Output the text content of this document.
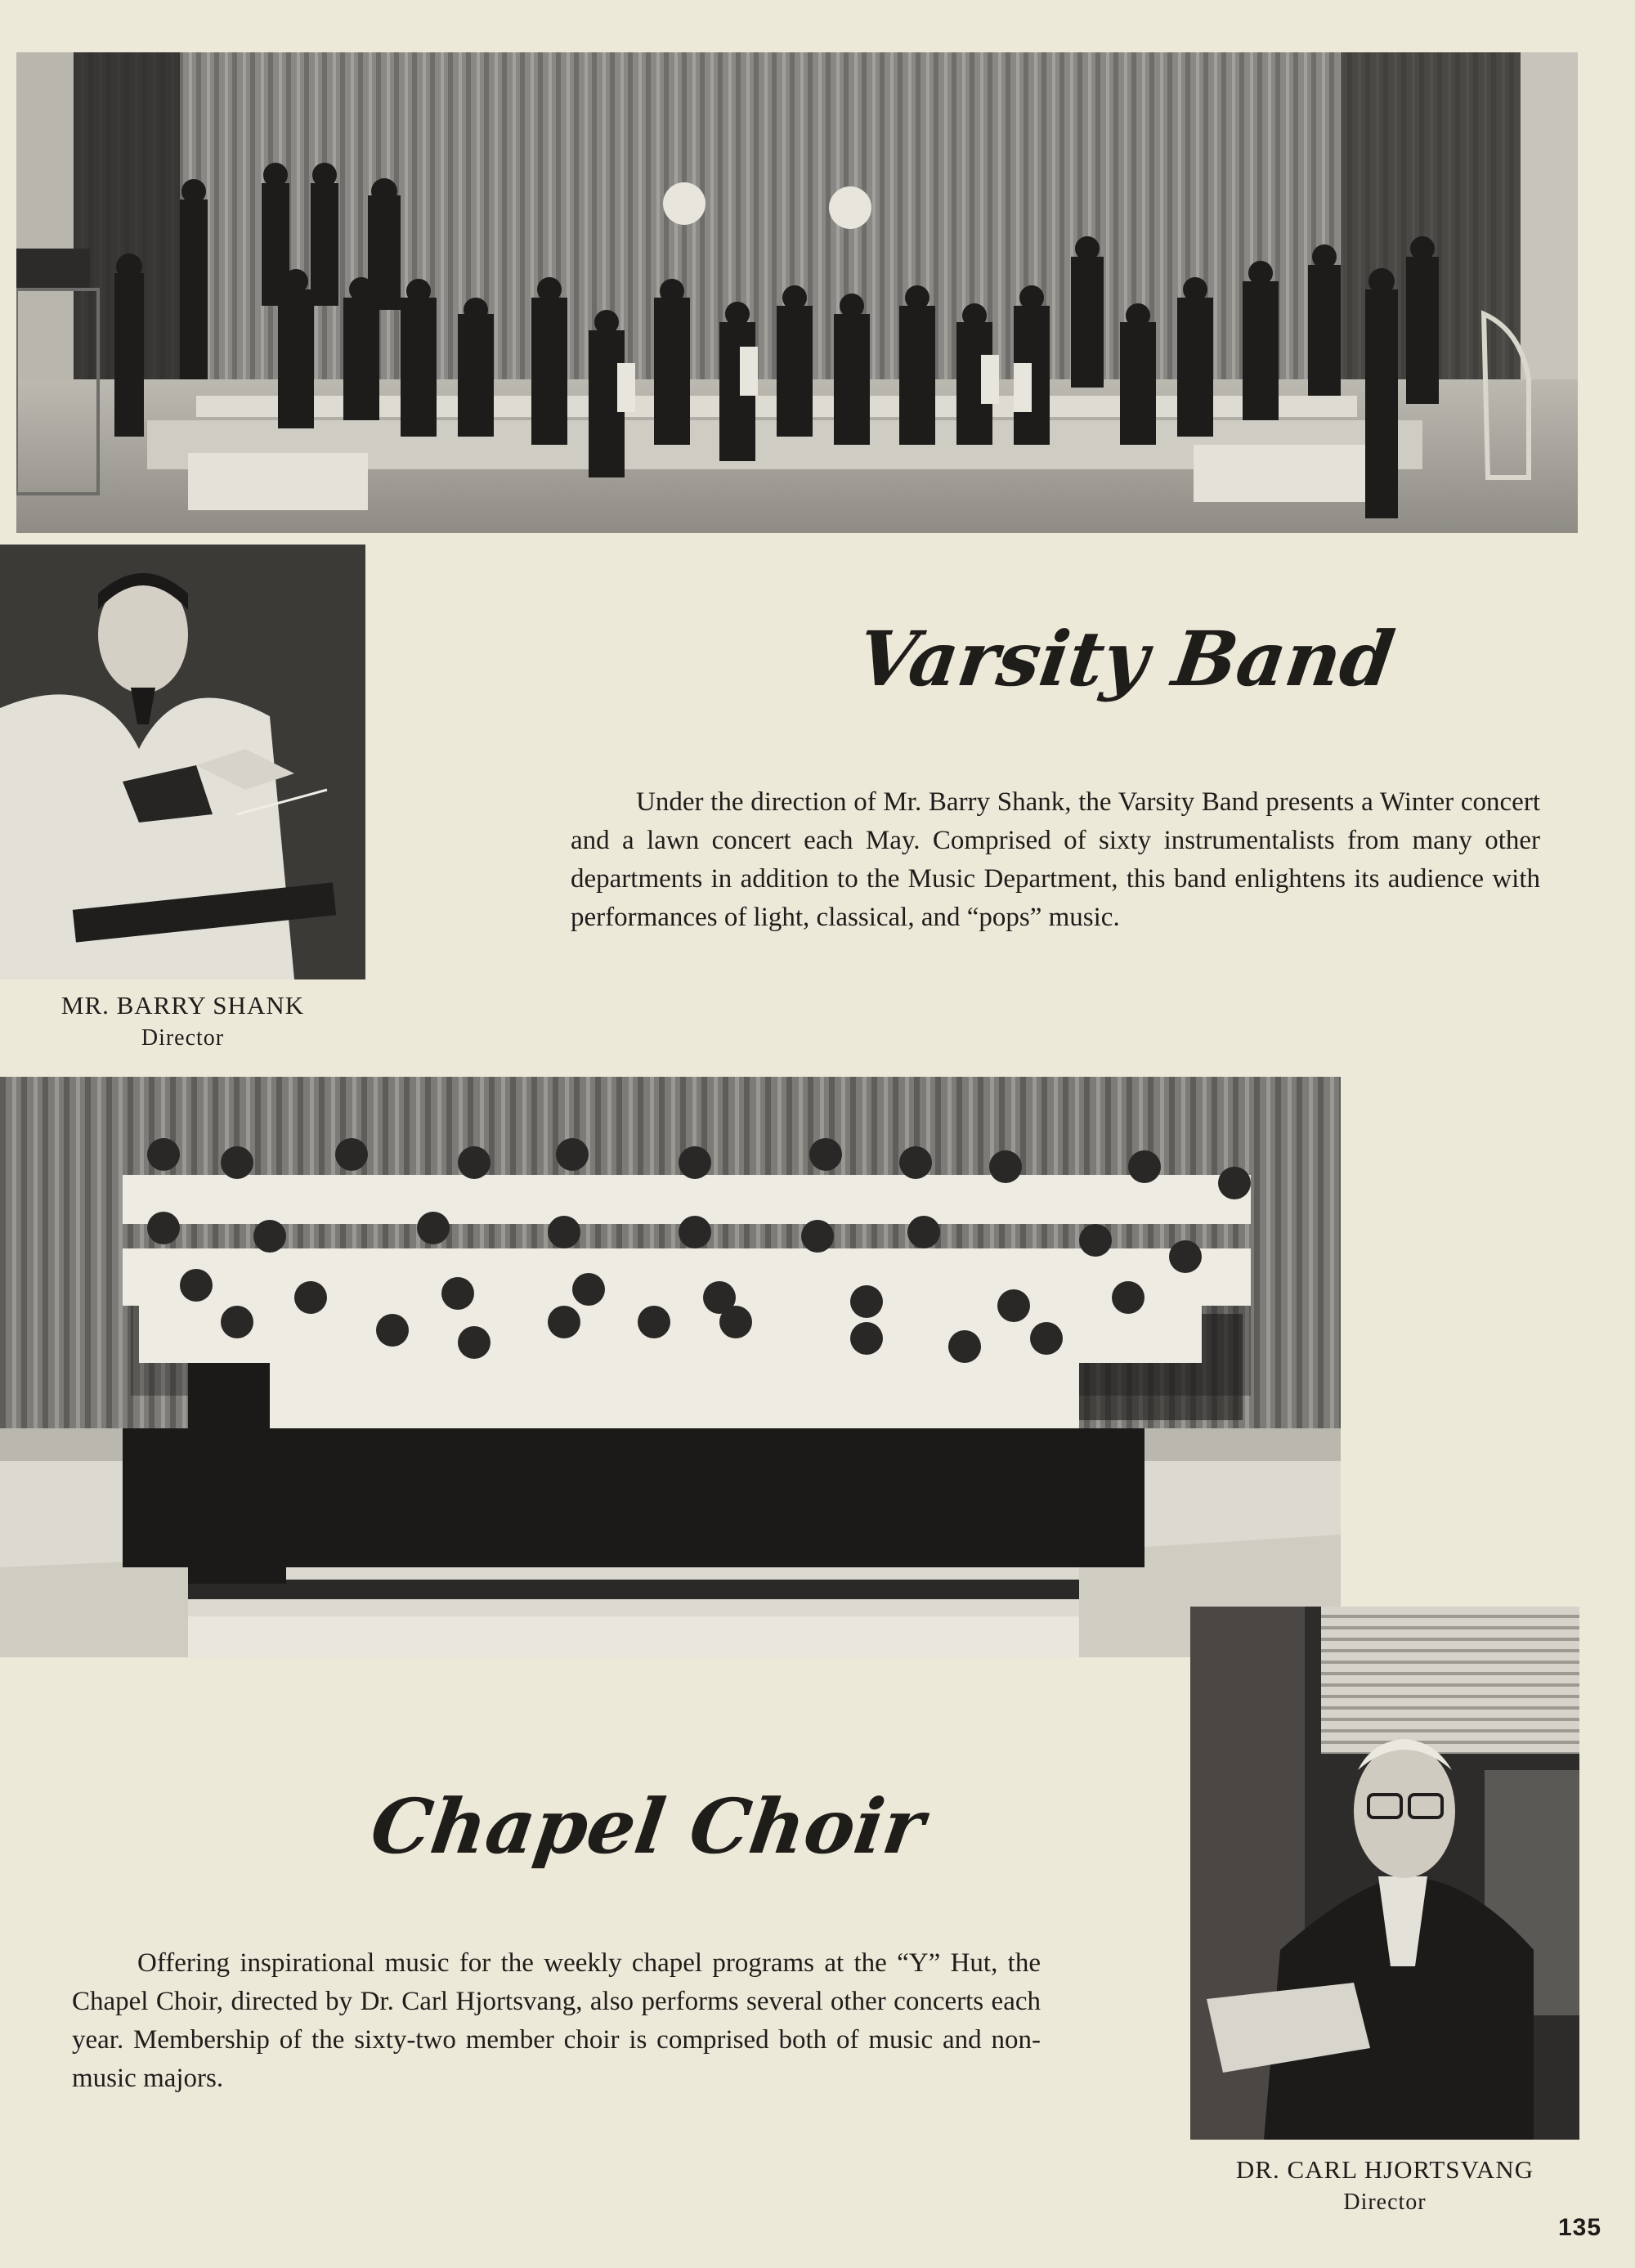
MR. BARRY SHANK
Director
Varsity Band
Under the direction of Mr. Barry Shank, the Varsity Band presents a Winter concert and a lawn concert each May. Comprised of sixty instrumentalists from many other departments in addition to the Music Department, this band enlightens its audience with performances of light, classical, and “pops” music.
Chapel Choir
Offering inspirational music for the weekly chapel programs at the “Y” Hut, the Chapel Choir, directed by Dr. Carl Hjortsvang, also performs several other concerts each year. Membership of the sixty-two member choir is comprised both of music and non-music majors.
DR. CARL HJORTSVANG
Director
135
